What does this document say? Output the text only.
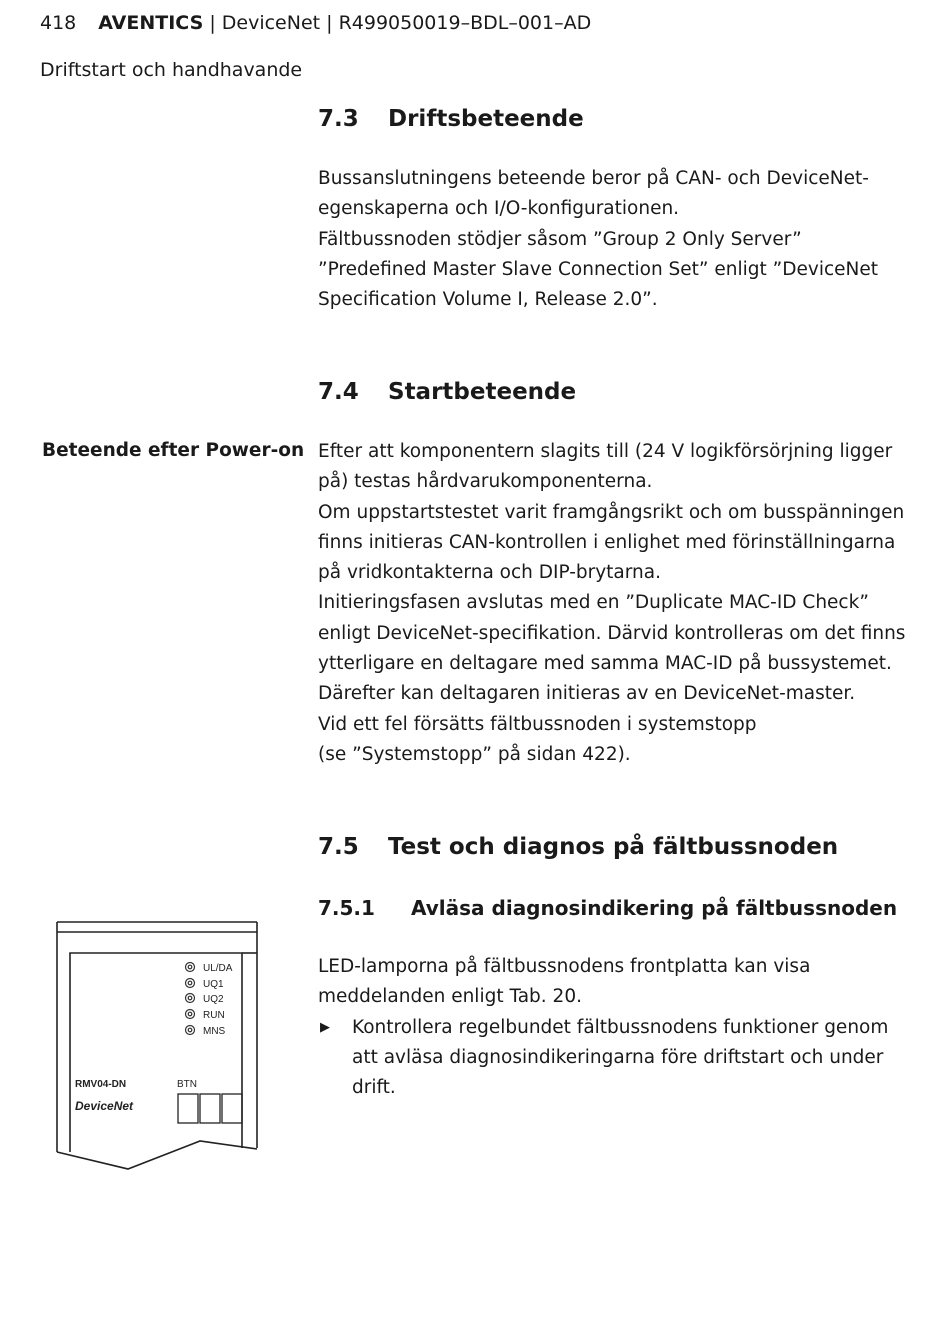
418 AVENTICS | DeviceNet | R499050019–BDL–001–AD
Driftstart och handhavande
7.3 Driftsbeteende

Bussanslutningens beteende beror på CAN- och DeviceNet-

egenskaperna och I/O-konfigurationen.

Fältbussnoden stödjer såsom ”Group 2 Only Server”

”Predefined Master Slave Connection Set” enligt ”DeviceNet

Specification Volume I, Release 2.0”.

7.4 Startbeteende
Beteende efter Power-on Efter att komponentern slagits till (24 V logikförsörjning ligger

på) testas hårdvarukomponenterna.

Om uppstartstestet varit framgångsrikt och om busspänningen

finns initieras CAN-kontrollen i enlighet med förinställningarna

på vridkontakterna och DIP-brytarna.

Initieringsfasen avslutas med en ”Duplicate MAC-ID Check”

enligt DeviceNet-specifikation. Därvid kontrolleras om det finns

ytterligare en deltagare med samma MAC-ID på bussystemet.

Därefter kan deltagaren initieras av en DeviceNet-master.

Vid ett fel försätts fältbussnoden i systemstopp

(se ”Systemstopp” på sidan 422).

7.5 Test och diagnos på fältbussnoden
7.5.1 Avläsa diagnosindikering på fältbussnoden

LED-lamporna på fältbussnodens frontplatta kan visa

meddelanden enligt Tab. 20.

▶ Kontrollera regelbundet fältbussnodens funktioner genom

att avläsa diagnosindikeringarna före driftstart och under

drift.

UL/DA
UQ1
UQ2
RUN
MNS
RMV04-DN	BTN
DeviceNet
